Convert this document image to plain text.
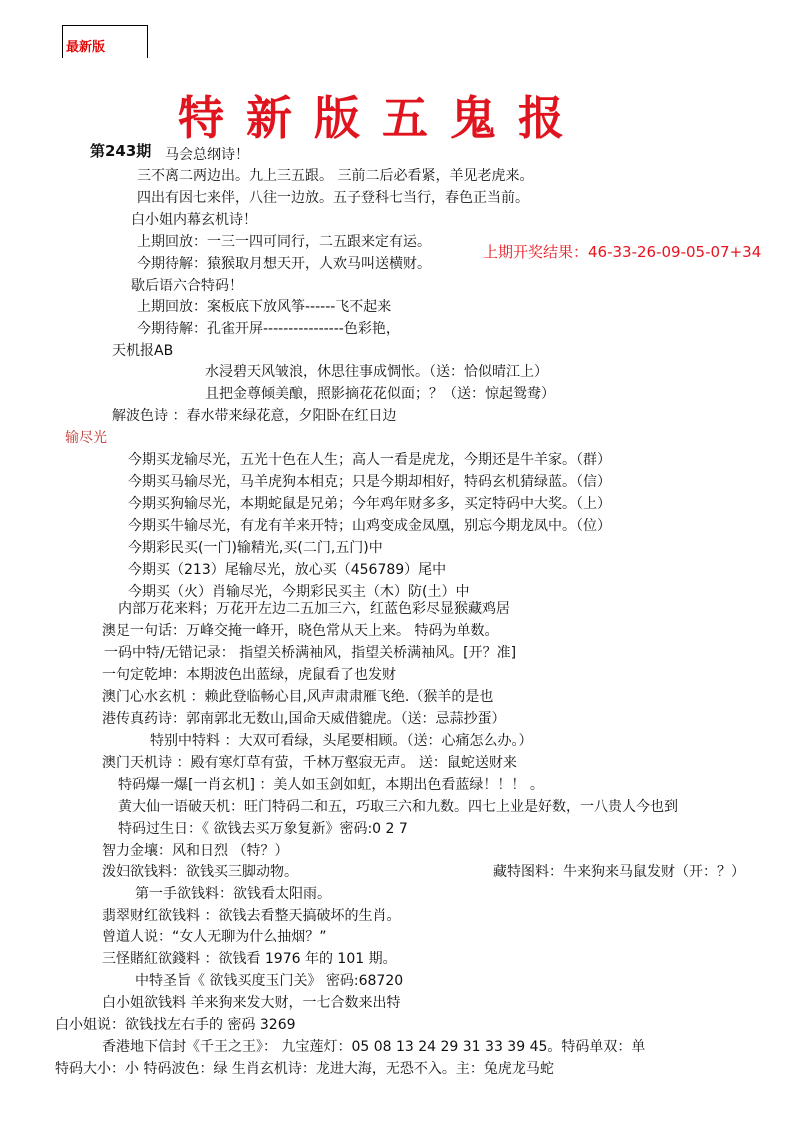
最新版
特新版五鬼报
第243期
上期开奖结果：46-33-26-09-05-07+34
马会总纲诗！
三不离二两边出。九上三五跟。 三前二后必看紧，羊见老虎来。
四出有因七来伴，八往一边放。五子登科七当行，春色正当前。
白小姐内幕玄机诗！
上期回放：一三一四可同行，二五跟来定有运。
今期待解：猿猴取月想天开，人欢马叫送横财。
歇后语六合特码！
上期回放：案板底下放风筝------飞不起来
今期待解：孔雀开屏----------------色彩艳，
天机报AB
水浸碧天风皱浪，休思往事成惆怅。（送：恰似晴江上）
且把金尊倾美酿，照影摘花花似面；？（送：惊起鸳鸯）
解波色诗 ：春水带来绿花意，夕阳卧在红日边
输尽光
今期买龙输尽光，五光十色在人生；高人一看是虎龙，今期还是牛羊家。（群）
今期买马输尽光，马羊虎狗本相克；只是今期却相好，特码玄机猜绿蓝。（信）
今期买狗输尽光，本期蛇鼠是兄弟；今年鸡年财多多，买定特码中大奖。（上）
今期买牛输尽光，有龙有羊来开特；山鸡变成金凤凰，别忘今期龙凤中。（位）
今期彩民买(一门)输精光,买(二门,五门)中
今期买（213）尾输尽光，放心买（456789）尾中
今期买（火）肖输尽光，今期彩民买主（木）防(土）中
内部万花来料；万花开左边二五加三六，红蓝色彩尽显猴藏鸡居
澳足一句话：万峰交掩一峰开，晓色常从天上来。 特码为单数。
一码中特/无错记录： 指望关桥满袖风，指望关桥满袖风。[开？准]
一句定乾坤：本期波色出蓝绿，虎鼠看了也发财
澳门心水玄机 ：赖此登临畅心目,风声肃肃雁飞绝.（猴羊的是也
港传真药诗：郭南郭北无数山,国命天威借貔虎。（送：忌蒜抄蛋）
特别中特料 ：大双可看绿，头尾要相顾。（送：心痛怎么办。）
澳门天机诗 ：殿有寒灯草有萤，千林万壑寂无声。 送：鼠蛇送财来
特码爆一爆[一肖玄机] ：美人如玉剑如虹，本期出色看蓝绿！！！ 。
黄大仙一语破天机：旺门特码二和五，巧取三六和九数。四七上业是好数，一八贵人今也到
特码过生日：《 欲钱去买万象复新》密码:0 2 7
智力金壤：风和日烈 （特？）
泼妇欲钱料：欲钱买三脚动物。	藏特图料：牛来狗来马鼠发财（开：？）
第一手欲钱料：欲钱看太阳雨。
翡翠财红欲钱料 ：欲钱去看整天搞破坏的生肖。
曾道人说：“女人无聊为什么抽烟？”
三怪賭紅欲錢料 ：欲钱看 1976 年的 101 期。
中特圣旨《 欲钱买度玉门关》 密码:68720
白小姐欲钱料 羊来狗来发大财，一七合数来出特
白小姐说：欲钱找左右手的 密码 3269
香港地下信封《千王之王》： 九宝莲灯：05 08 13 24 29 31 33 39 45。特码单双：单
特码大小：小 特码波色：绿 生肖玄机诗：龙进大海，无恐不入。主：兔虎龙马蛇
